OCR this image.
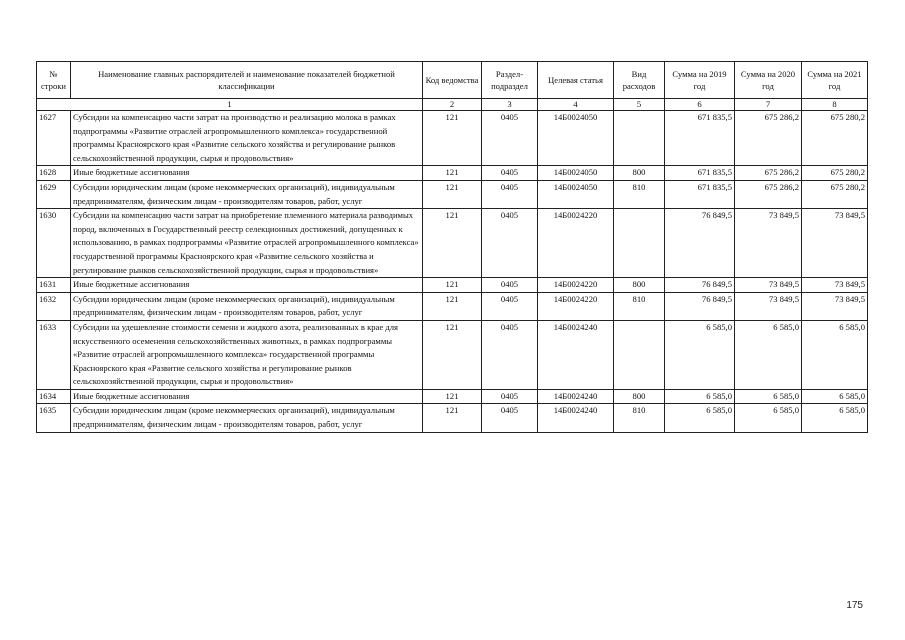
№ строки	Наименование главных распорядителей и наименование показателей бюджетной классификации	Код ведомства	Раздел-подраздел	Целевая статья	Вид расходов	Сумма на 2019 год	Сумма на 2020 год	Сумма на 2021 год
1		2	3	4	5	6	7	8
1627	Субсидии на компенсацию части затрат на производство и реализацию молока в рамках подпрограммы «Развитие отраслей агропромышленного комплекса» государственной программы Красноярского края «Развитие сельского хозяйства и регулирование рынков сельскохозяйственной продукции, сырья и продовольствия»	121	0405	14Б0024050		671 835,5	675 286,2	675 280,2
1628	Иные бюджетные ассигнования	121	0405	14Б0024050	800	671 835,5	675 286,2	675 280,2
1629	Субсидии юридическим лицам (кроме некоммерческих организаций), индивидуальным предпринимателям, физическим лицам - производителям товаров, работ, услуг	121	0405	14Б0024050	810	671 835,5	675 286,2	675 280,2
1630	Субсидии на компенсацию части затрат на приобретение племенного материала разводимых пород, включенных в Государственный реестр селекционных достижений, допущенных к использованию, в рамках подпрограммы «Развитие отраслей агропромышленного комплекса» государственной программы Красноярского края «Развитие сельского хозяйства и регулирование рынков сельскохозяйственной продукции, сырья и продовольствия»	121	0405	14Б0024220		76 849,5	73 849,5	73 849,5
1631	Иные бюджетные ассигнования	121	0405	14Б0024220	800	76 849,5	73 849,5	73 849,5
1632	Субсидии юридическим лицам (кроме некоммерческих организаций), индивидуальным предпринимателям, физическим лицам - производителям товаров, работ, услуг	121	0405	14Б0024220	810	76 849,5	73 849,5	73 849,5
1633	Субсидии на удешевление стоимости семени и жидкого азота, реализованных в крае для искусственного осеменения сельскохозяйственных животных, в рамках подпрограммы «Развитие отраслей агропромышленного комплекса» государственной программы Красноярского края «Развитие сельского хозяйства и регулирование рынков сельскохозяйственной продукции, сырья и продовольствия»	121	0405	14Б0024240		6 585,0	6 585,0	6 585,0
1634	Иные бюджетные ассигнования	121	0405	14Б0024240	800	6 585,0	6 585,0	6 585,0
1635	Субсидии юридическим лицам (кроме некоммерческих организаций), индивидуальным предпринимателям, физическим лицам - производителям товаров, работ, услуг	121	0405	14Б0024240	810	6 585,0	6 585,0	6 585,0
175
